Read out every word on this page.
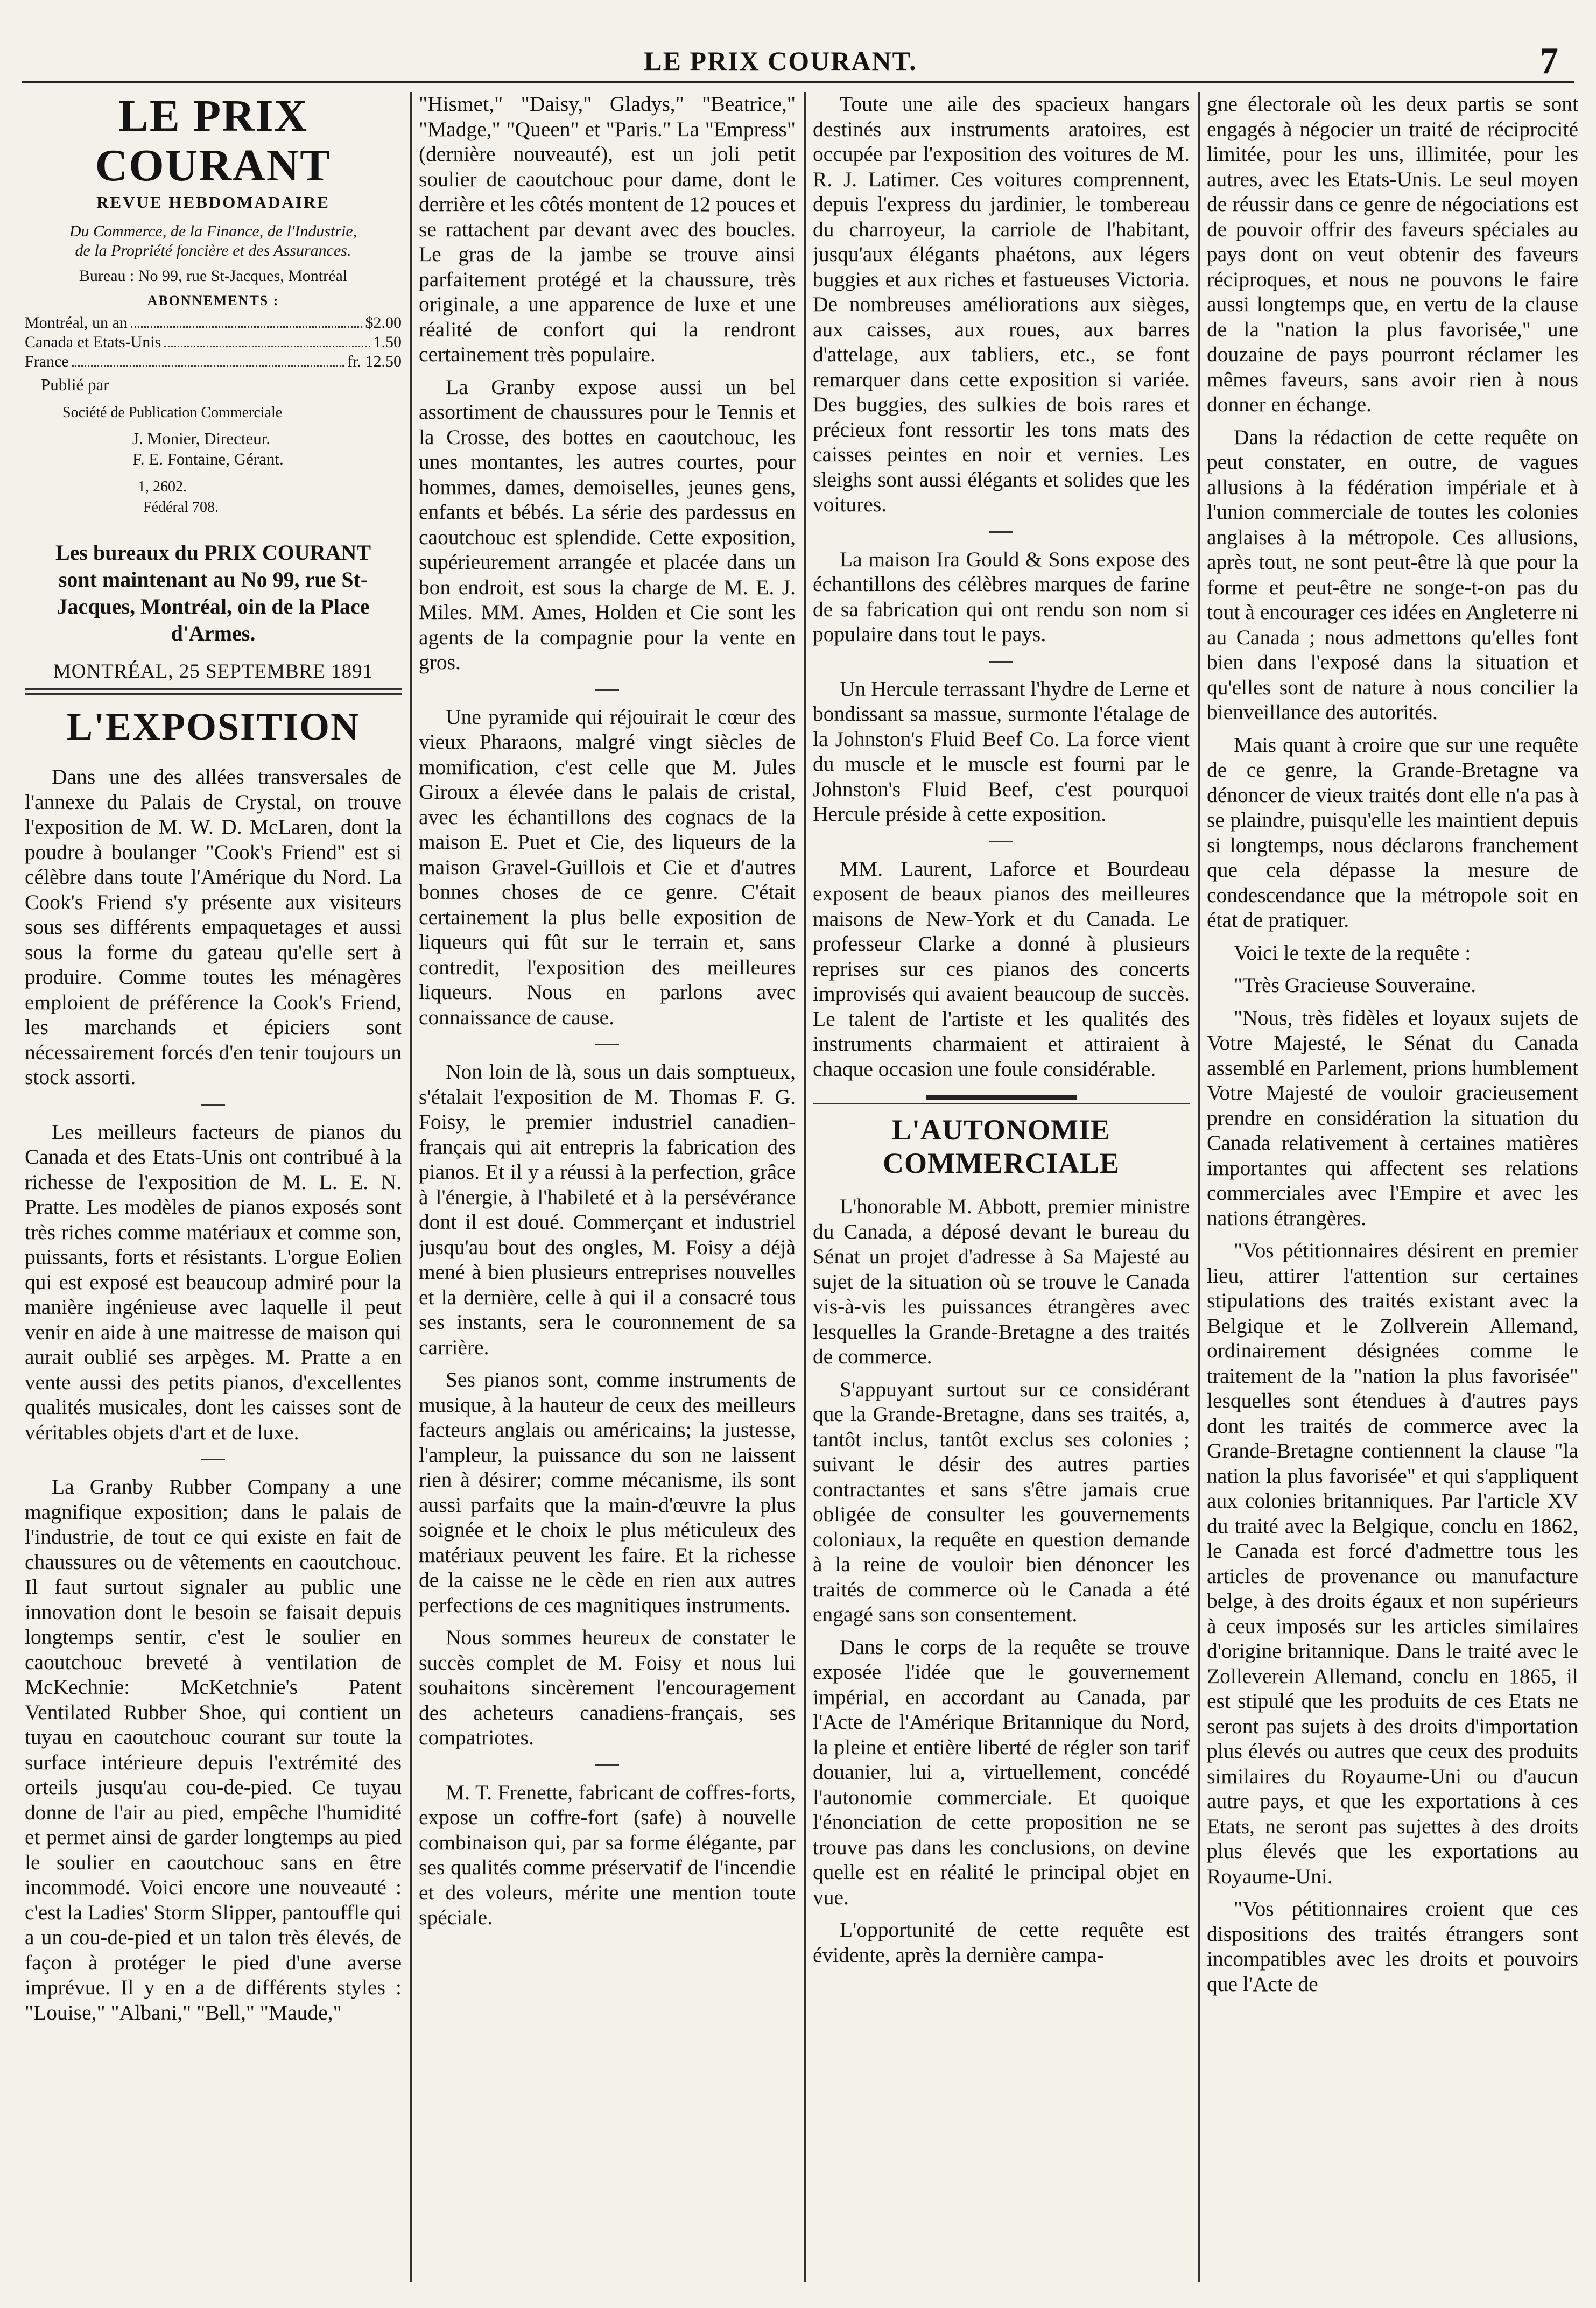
LE PRIX COURANT.	7
LE PRIX COURANT
REVUE HEBDOMADAIRE
Du Commerce, de la Finance, de l'Industrie,
de la Propriété foncière et des Assurances.
Bureau : No 99, rue St-Jacques, Montréal
ABONNEMENTS :
Montréal, un an	$2.00
Canada et Etats-Unis	1.50
France	fr. 12.50
Publié par
Société de Publication Commerciale
J. Monier, Directeur.
F. E. Fontaine, Gérant.
1, 2602.
Fédéral 708.
Les bureaux du PRIX COURANT sont maintenant au No 99, rue St-Jacques, Montréal, oin de la Place d'Armes.
MONTRÉAL, 25 SEPTEMBRE 1891
L'EXPOSITION

Dans une des allées transversales de l'annexe du Palais de Crystal, on trouve l'exposition de M. W. D. McLaren, dont la poudre à boulanger "Cook's Friend" est si célèbre dans toute l'Amérique du Nord. La Cook's Friend s'y présente aux visiteurs sous ses différents empaquetages et aussi sous la forme du gateau qu'elle sert à produire. Comme toutes les ménagères emploient de préférence la Cook's Friend, les marchands et épiciers sont nécessairement forcés d'en tenir toujours un stock assorti.

Les meilleurs facteurs de pianos du Canada et des Etats-Unis ont contribué à la richesse de l'exposition de M. L. E. N. Pratte. Les modèles de pianos exposés sont très riches comme matériaux et comme son, puissants, forts et résistants. L'orgue Eolien qui est exposé est beaucoup admiré pour la manière ingénieuse avec laquelle il peut venir en aide à une maitresse de maison qui aurait oublié ses arpèges. M. Pratte a en vente aussi des petits pianos, d'excellentes qualités musicales, dont les caisses sont de véritables objets d'art et de luxe.

La Granby Rubber Company a une magnifique exposition; dans le palais de l'industrie, de tout ce qui existe en fait de chaussures ou de vêtements en caoutchouc. Il faut surtout signaler au public une innovation dont le besoin se faisait depuis longtemps sentir, c'est le soulier en caoutchouc breveté à ventilation de McKechnie: McKetchnie's Patent Ventilated Rubber Shoe, qui contient un tuyau en caoutchouc courant sur toute la surface intérieure depuis l'extrémité des orteils jusqu'au cou-de-pied. Ce tuyau donne de l'air au pied, empêche l'humidité et permet ainsi de garder longtemps au pied le soulier en caoutchouc sans en être incommodé. Voici encore une nouveauté : c'est la Ladies' Storm Slipper, pantouffle qui a un cou-de-pied et un talon très élevés, de façon à protéger le pied d'une averse imprévue. Il y en a de différents styles : "Louise," "Albani," "Bell," "Maude,"

"Hismet," "Daisy," Gladys," "Beatrice," "Madge," "Queen" et "Paris." La "Empress" (dernière nouveauté), est un joli petit soulier de caoutchouc pour dame, dont le derrière et les côtés montent de 12 pouces et se rattachent par devant avec des boucles. Le gras de la jambe se trouve ainsi parfaitement protégé et la chaussure, très originale, a une apparence de luxe et une réalité de confort qui la rendront certainement très populaire.

La Granby expose aussi un bel assortiment de chaussures pour le Tennis et la Crosse, des bottes en caoutchouc, les unes montantes, les autres courtes, pour hommes, dames, demoiselles, jeunes gens, enfants et bébés. La série des pardessus en caoutchouc est splendide. Cette exposition, supérieurement arrangée et placée dans un bon endroit, est sous la charge de M. E. J. Miles. MM. Ames, Holden et Cie sont les agents de la compagnie pour la vente en gros.

Une pyramide qui réjouirait le cœur des vieux Pharaons, malgré vingt siècles de momification, c'est celle que M. Jules Giroux a élevée dans le palais de cristal, avec les échantillons des cognacs de la maison E. Puet et Cie, des liqueurs de la maison Gravel-Guillois et Cie et d'autres bonnes choses de ce genre. C'était certainement la plus belle exposition de liqueurs qui fût sur le terrain et, sans contredit, l'exposition des meilleures liqueurs. Nous en parlons avec connaissance de cause.

Non loin de là, sous un dais somptueux, s'étalait l'exposition de M. Thomas F. G. Foisy, le premier industriel canadien-français qui ait entrepris la fabrication des pianos. Et il y a réussi à la perfection, grâce à l'énergie, à l'habileté et à la persévérance dont il est doué. Commerçant et industriel jusqu'au bout des ongles, M. Foisy a déjà mené à bien plusieurs entreprises nouvelles et la dernière, celle à qui il a consacré tous ses instants, sera le couronnement de sa carrière.

Ses pianos sont, comme instruments de musique, à la hauteur de ceux des meilleurs facteurs anglais ou américains; la justesse, l'ampleur, la puissance du son ne laissent rien à désirer; comme mécanisme, ils sont aussi parfaits que la main-d'œuvre la plus soignée et le choix le plus méticuleux des matériaux peuvent les faire. Et la richesse de la caisse ne le cède en rien aux autres perfections de ces magnitiques instruments.

Nous sommes heureux de constater le succès complet de M. Foisy et nous lui souhaitons sincèrement l'encouragement des acheteurs canadiens-français, ses compatriotes.

M. T. Frenette, fabricant de coffres-forts, expose un coffre-fort (safe) à nouvelle combinaison qui, par sa forme élégante, par ses qualités comme préservatif de l'incendie et des voleurs, mérite une mention toute spéciale.

Toute une aile des spacieux hangars destinés aux instruments aratoires, est occupée par l'exposition des voitures de M. R. J. Latimer. Ces voitures comprennent, depuis l'express du jardinier, le tombereau du charroyeur, la carriole de l'habitant, jusqu'aux élégants phaétons, aux légers buggies et aux riches et fastueuses Victoria. De nombreuses améliorations aux sièges, aux caisses, aux roues, aux barres d'attelage, aux tabliers, etc., se font remarquer dans cette exposition si variée. Des buggies, des sulkies de bois rares et précieux font ressortir les tons mats des caisses peintes en noir et vernies. Les sleighs sont aussi élégants et solides que les voitures.

La maison Ira Gould & Sons expose des échantillons des célèbres marques de farine de sa fabrication qui ont rendu son nom si populaire dans tout le pays.

Un Hercule terrassant l'hydre de Lerne et bondissant sa massue, surmonte l'étalage de la Johnston's Fluid Beef Co. La force vient du muscle et le muscle est fourni par le Johnston's Fluid Beef, c'est pourquoi Hercule préside à cette exposition.

MM. Laurent, Laforce et Bourdeau exposent de beaux pianos des meilleures maisons de New-York et du Canada. Le professeur Clarke a donné à plusieurs reprises sur ces pianos des concerts improvisés qui avaient beaucoup de succès. Le talent de l'artiste et les qualités des instruments charmaient et attiraient à chaque occasion une foule considérable.

L'AUTONOMIE COMMERCIALE

L'honorable M. Abbott, premier ministre du Canada, a déposé devant le bureau du Sénat un projet d'adresse à Sa Majesté au sujet de la situation où se trouve le Canada vis-à-vis les puissances étrangères avec lesquelles la Grande-Bretagne a des traités de commerce.

S'appuyant surtout sur ce considérant que la Grande-Bretagne, dans ses traités, a, tantôt inclus, tantôt exclus ses colonies ; suivant le désir des autres parties contractantes et sans s'être jamais crue obligée de consulter les gouvernements coloniaux, la requête en question demande à la reine de vouloir bien dénoncer les traités de commerce où le Canada a été engagé sans son consentement.

Dans le corps de la requête se trouve exposée l'idée que le gouvernement impérial, en accordant au Canada, par l'Acte de l'Amérique Britannique du Nord, la pleine et entière liberté de régler son tarif douanier, lui a, virtuellement, concédé l'autonomie commerciale. Et quoique l'énonciation de cette proposition ne se trouve pas dans les conclusions, on devine quelle est en réalité le principal objet en vue.

L'opportunité de cette requête est évidente, après la dernière campa-

gne électorale où les deux partis se sont engagés à négocier un traité de réciprocité limitée, pour les uns, illimitée, pour les autres, avec les Etats-Unis. Le seul moyen de réussir dans ce genre de négociations est de pouvoir offrir des faveurs spéciales au pays dont on veut obtenir des faveurs réciproques, et nous ne pouvons le faire aussi longtemps que, en vertu de la clause de la "nation la plus favorisée," une douzaine de pays pourront réclamer les mêmes faveurs, sans avoir rien à nous donner en échange.

Dans la rédaction de cette requête on peut constater, en outre, de vagues allusions à la fédération impériale et à l'union commerciale de toutes les colonies anglaises à la métropole. Ces allusions, après tout, ne sont peut-être là que pour la forme et peut-être ne songe-t-on pas du tout à encourager ces idées en Angleterre ni au Canada ; nous admettons qu'elles font bien dans l'exposé dans la situation et qu'elles sont de nature à nous concilier la bienveillance des autorités.

Mais quant à croire que sur une requête de ce genre, la Grande-Bretagne va dénoncer de vieux traités dont elle n'a pas à se plaindre, puisqu'elle les maintient depuis si longtemps, nous déclarons franchement que cela dépasse la mesure de condescendance que la métropole soit en état de pratiquer.

Voici le texte de la requête :

"Très Gracieuse Souveraine.

"Nous, très fidèles et loyaux sujets de Votre Majesté, le Sénat du Canada assemblé en Parlement, prions humblement Votre Majesté de vouloir gracieusement prendre en considération la situation du Canada relativement à certaines matières importantes qui affectent ses relations commerciales avec l'Empire et avec les nations étrangères.

"Vos pétitionnaires désirent en premier lieu, attirer l'attention sur certaines stipulations des traités existant avec la Belgique et le Zollverein Allemand, ordinairement désignées comme le traitement de la "nation la plus favorisée" lesquelles sont étendues à d'autres pays dont les traités de commerce avec la Grande-Bretagne contiennent la clause "la nation la plus favorisée" et qui s'appliquent aux colonies britanniques. Par l'article XV du traité avec la Belgique, conclu en 1862, le Canada est forcé d'admettre tous les articles de provenance ou manufacture belge, à des droits égaux et non supérieurs à ceux imposés sur les articles similaires d'origine britannique. Dans le traité avec le Zolleverein Allemand, conclu en 1865, il est stipulé que les produits de ces Etats ne seront pas sujets à des droits d'importation plus élevés ou autres que ceux des produits similaires du Royaume-Uni ou d'aucun autre pays, et que les exportations à ces Etats, ne seront pas sujettes à des droits plus élevés que les exportations au Royaume-Uni.

"Vos pétitionnaires croient que ces dispositions des traités étrangers sont incompatibles avec les droits et pouvoirs que l'Acte de
